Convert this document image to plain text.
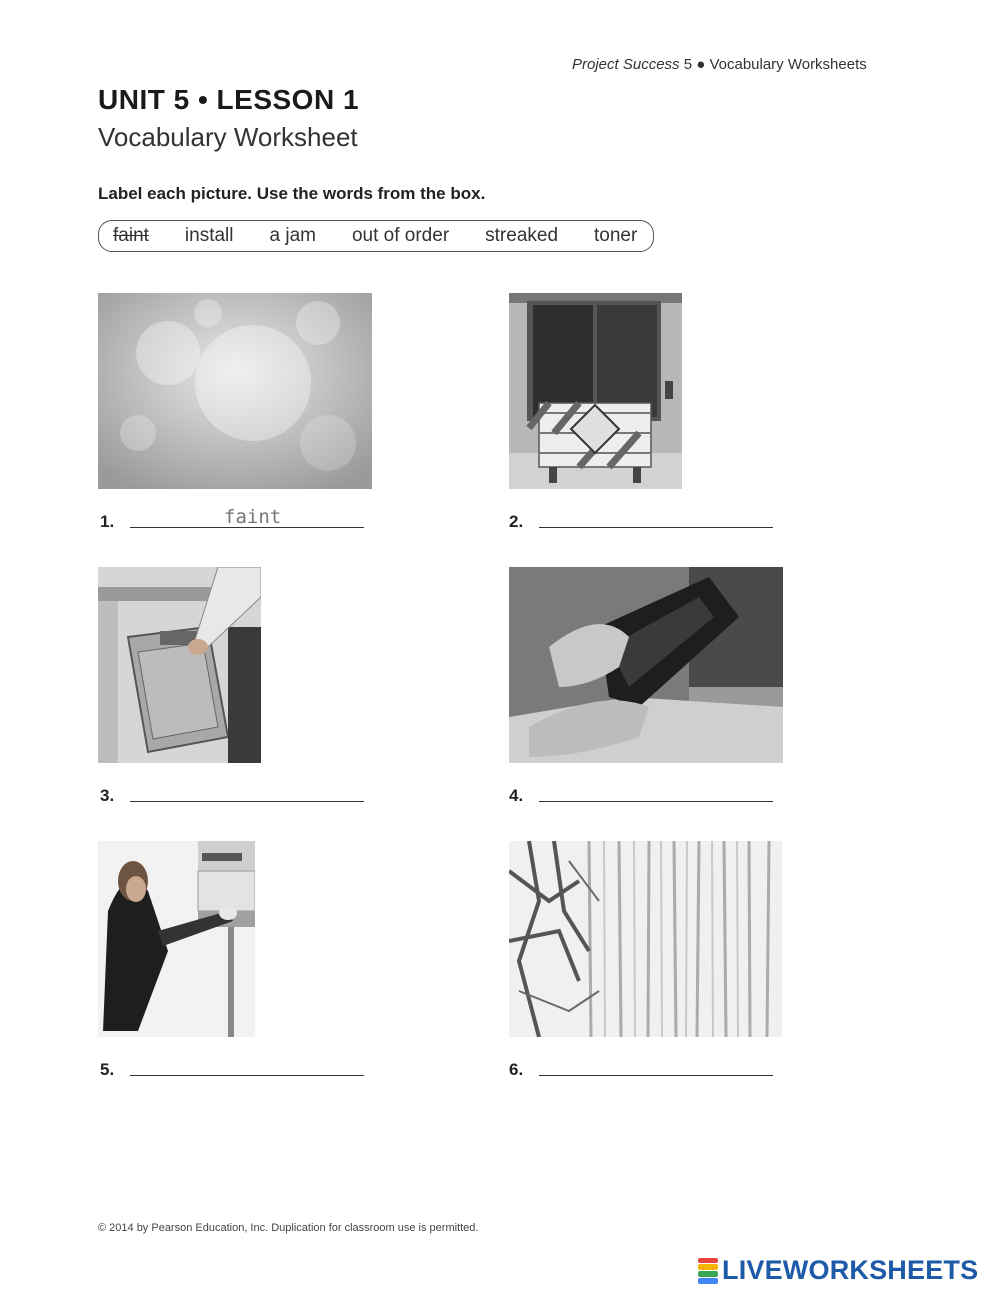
Project Success 5 ● Vocabulary Worksheets
UNIT 5 • LESSON 1
Vocabulary Worksheet
Label each picture. Use the words from the box.
faint install a jam out of order streaked toner
1.	faint	2.
3.	4.
5.	6.
© 2014 by Pearson Education, Inc. Duplication for classroom use is permitted.
LIVEWORKSHEETS
